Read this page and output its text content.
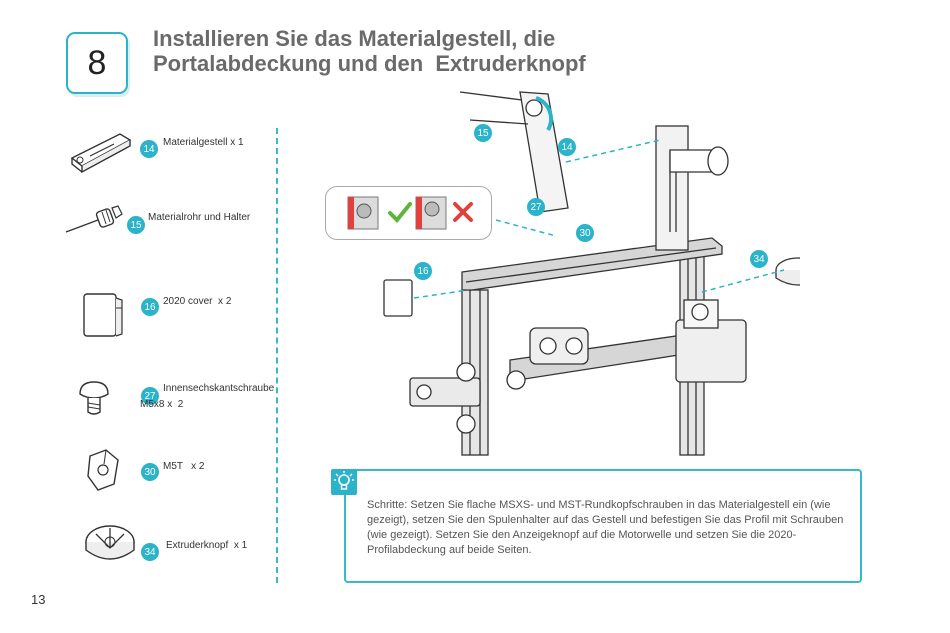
8
Installieren Sie das Materialgestell, die
Portalabdeckung und den  Extruderknopf
14
Materialgestell x 1
15
Materialrohr und Halter
16 2020 cover  x 2
27
Innensechskantschraube
M5x8 x  2
30 M5T   x 2
34
Extruderknopf  x 1
15
14
27
30
16
34
Schritte: Setzen Sie flache MSXS- und MST-Rundkopfschrauben in das Materialgestell ein (wie gezeigt), setzen Sie den Spulenhalter auf das Gestell und befestigen Sie das Profil mit Schrauben (wie gezeigt). Setzen Sie den Anzeigeknopf auf die Motorwelle und setzen Sie die 2020-Profilabdeckung auf beide Seiten.
13
